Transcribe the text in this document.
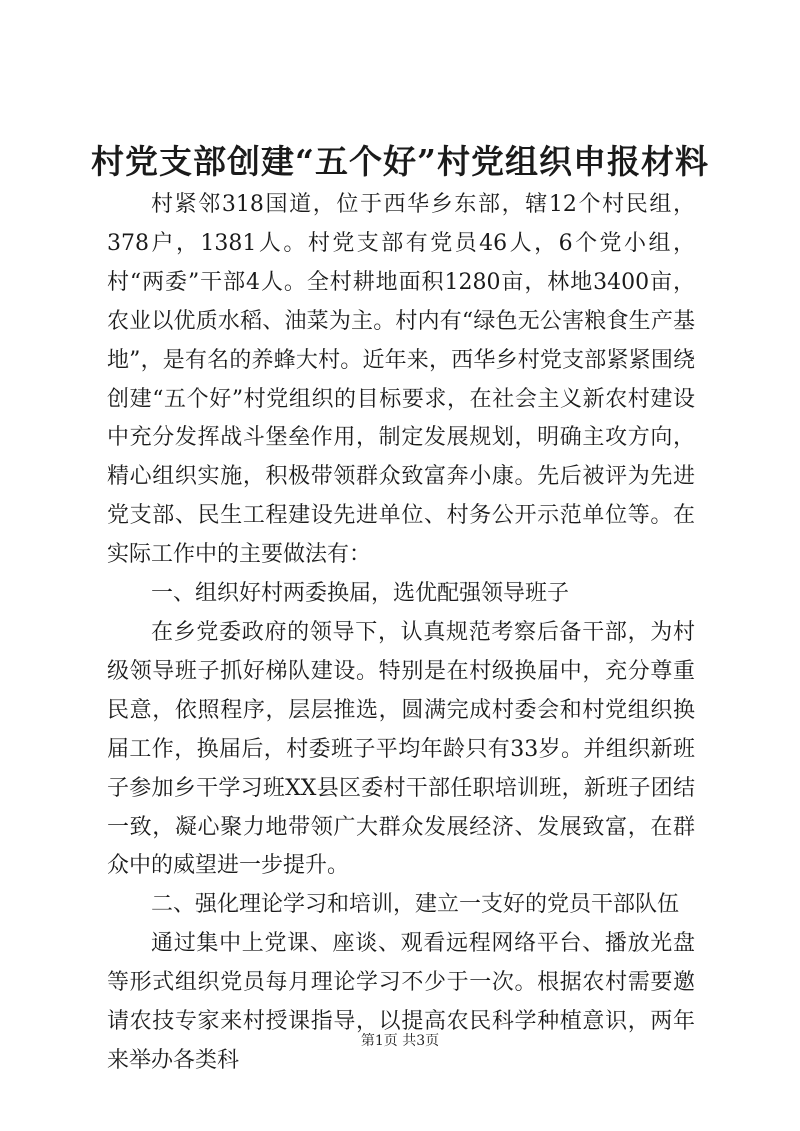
村党支部创建“五个好”村党组织申报材料

村紧邻318国道，位于西华乡东部，辖12个村民组，378户，1381人。村党支部有党员46人，6个党小组，村“两委”干部4人。全村耕地面积1280亩，林地3400亩，农业以优质水稻、油菜为主。村内有“绿色无公害粮食生产基地”，是有名的养蜂大村。近年来，西华乡村党支部紧紧围绕创建“五个好”村党组织的目标要求，在社会主义新农村建设中充分发挥战斗堡垒作用，制定发展规划，明确主攻方向，精心组织实施，积极带领群众致富奔小康。先后被评为先进党支部、民生工程建设先进单位、村务公开示范单位等。在实际工作中的主要做法有：

一、组织好村两委换届，选优配强领导班子

在乡党委政府的领导下，认真规范考察后备干部，为村级领导班子抓好梯队建设。特别是在村级换届中，充分尊重民意，依照程序，层层推选，圆满完成村委会和村党组织换届工作，换届后，村委班子平均年龄只有33岁。并组织新班子参加乡干学习班XX县区委村干部任职培训班，新班子团结一致，凝心聚力地带领广大群众发展经济、发展致富，在群众中的威望进一步提升。

二、强化理论学习和培训，建立一支好的党员干部队伍

通过集中上党课、座谈、观看远程网络平台、播放光盘等形式组织党员每月理论学习不少于一次。根据农村需要邀请农技专家来村授课指导，以提高农民科学种植意识，两年来举办各类科

第1页 共3页
